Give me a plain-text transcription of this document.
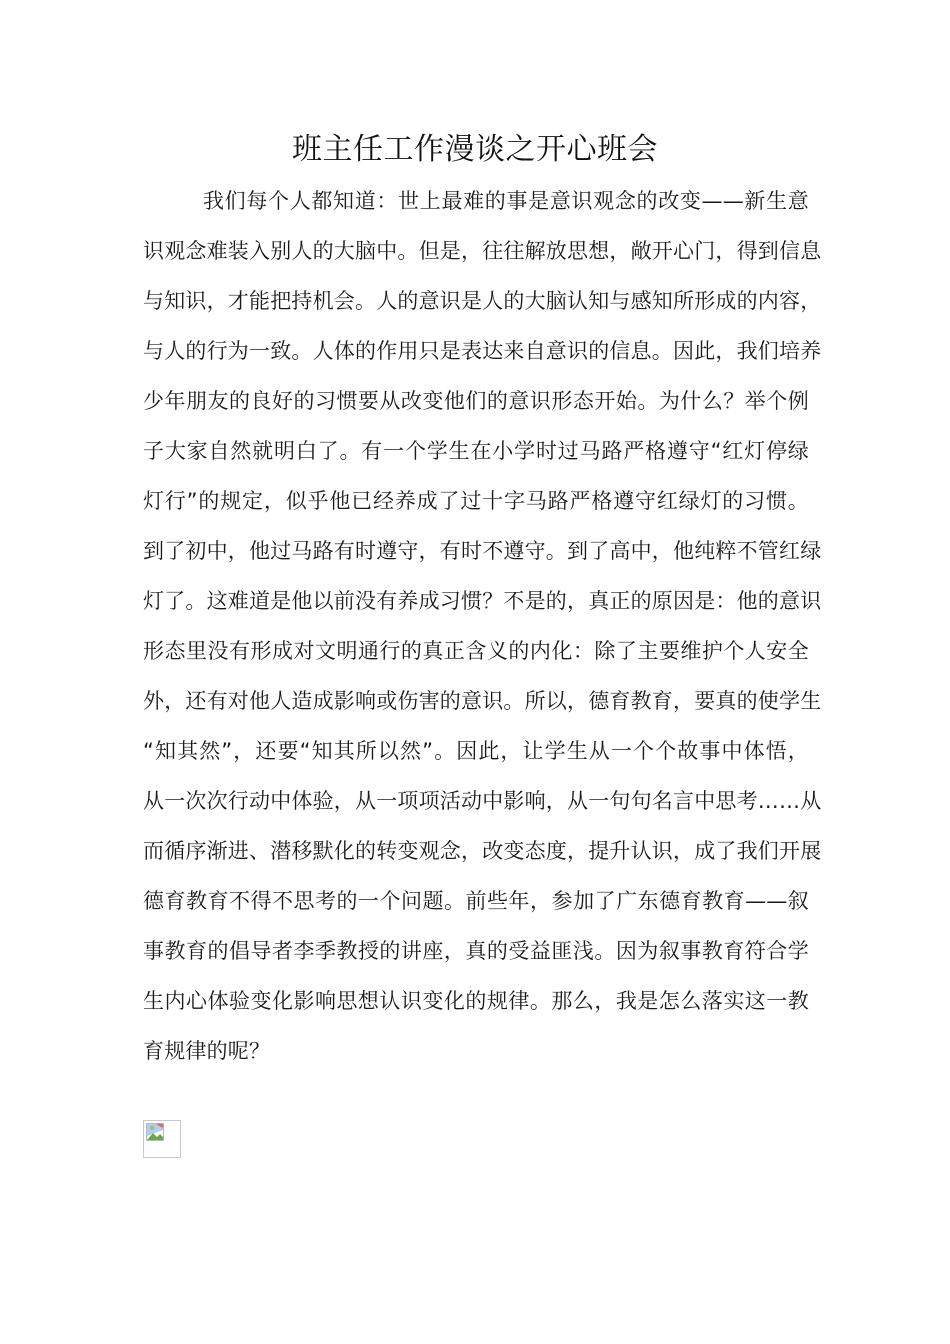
班主任工作漫谈之开心班会
我们每个人都知道：世上最难的事是意识观念的改变——新生意
识观念难装入别人的大脑中。但是，往往解放思想，敞开心门，得到信息
与知识，才能把持机会。人的意识是人的大脑认知与感知所形成的内容，
与人的行为一致。人体的作用只是表达来自意识的信息。因此，我们培养
少年朋友的良好的习惯要从改变他们的意识形态开始。为什么？举个例
子大家自然就明白了。有一个学生在小学时过马路严格遵守“红灯停绿
灯行”的规定，似乎他已经养成了过十字马路严格遵守红绿灯的习惯。
到了初中，他过马路有时遵守，有时不遵守。到了高中，他纯粹不管红绿
灯了。这难道是他以前没有养成习惯？不是的，真正的原因是：他的意识
形态里没有形成对文明通行的真正含义的内化：除了主要维护个人安全
外，还有对他人造成影响或伤害的意识。所以，德育教育，要真的使学生
“知其然”，还要“知其所以然”。因此，让学生从一个个故事中体悟，
从一次次行动中体验，从一项项活动中影响，从一句句名言中思考……从
而循序渐进、潜移默化的转变观念，改变态度，提升认识，成了我们开展
德育教育不得不思考的一个问题。前些年，参加了广东德育教育——叙
事教育的倡导者李季教授的讲座，真的受益匪浅。因为叙事教育符合学
生内心体验变化影响思想认识变化的规律。那么，我是怎么落实这一教
育规律的呢？
